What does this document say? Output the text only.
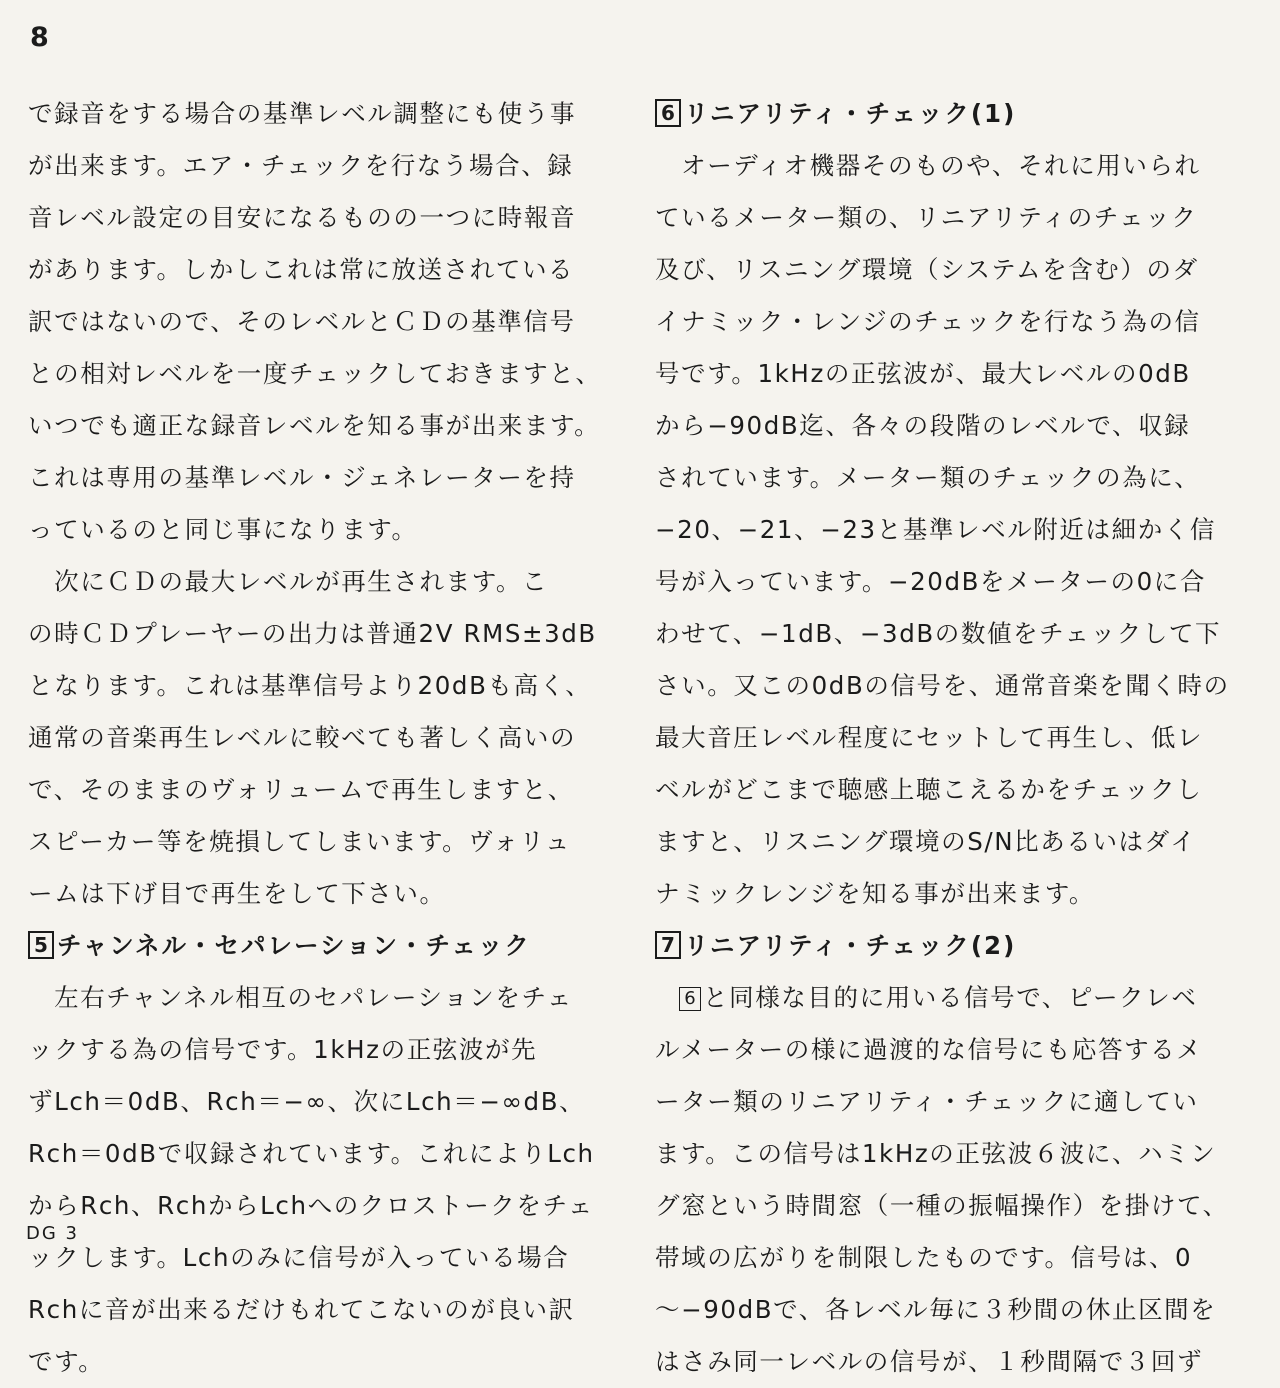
8
で録音をする場合の基準レベル調整にも使う事
が出来ます。エア・チェックを行なう場合、録
音レベル設定の目安になるものの一つに時報音
があります。しかしこれは常に放送されている
訳ではないので、そのレベルとＣＤの基準信号
との相対レベルを一度チェックしておきますと、
いつでも適正な録音レベルを知る事が出来ます。
これは専用の基準レベル・ジェネレーターを持
っているのと同じ事になります。
　次にＣＤの最大レベルが再生されます。こ
の時ＣＤプレーヤーの出力は普通2V RMS±3dB
となります。これは基準信号より20dBも高く、
通常の音楽再生レベルに較べても著しく高いの
で、そのままのヴォリュームで再生しますと、
スピーカー等を焼損してしまいます。ヴォリュ
ームは下げ目で再生をして下さい。
5 チャンネル・セパレーション・チェック
　左右チャンネル相互のセパレーションをチェ
ックする為の信号です。1kHzの正弦波が先
ずLch＝0dB、Rch＝−∞、次にLch＝−∞dB、
Rch＝0dBで収録されています。これによりLch
からRch、RchからLchへのクロストークをチェ
ックします。Lchのみに信号が入っている場合
Rchに音が出来るだけもれてこないのが良い訳
です。
6 リニアリティ・チェック(1)
　オーディオ機器そのものや、それに用いられ
ているメーター類の、リニアリティのチェック
及び、リスニング環境（システムを含む）のダ
イナミック・レンジのチェックを行なう為の信
号です。1kHzの正弦波が、最大レベルの0dB
から−90dB迄、各々の段階のレベルで、収録
されています。メーター類のチェックの為に、
−20、−21、−23と基準レベル附近は細かく信
号が入っています。−20dBをメーターの0に合
わせて、−1dB、−3dBの数値をチェックして下
さい。又この0dBの信号を、通常音楽を聞く時の
最大音圧レベル程度にセットして再生し、低レ
ベルがどこまで聴感上聴こえるかをチェックし
ますと、リスニング環境のS/N比あるいはダイ
ナミックレンジを知る事が出来ます。
7 リニアリティ・チェック(2)
6 と同様な目的に用いる信号で、ピークレベ
ルメーターの様に過渡的な信号にも応答するメ
ーター類のリニアリティ・チェックに適してい
ます。この信号は1kHzの正弦波６波に、ハミン
グ窓という時間窓（一種の振幅操作）を掛けて、
帯域の広がりを制限したものです。信号は、0
〜−90dBで、各レベル毎に３秒間の休止区間を
はさみ同一レベルの信号が、１秒間隔で３回ず
DG 3
